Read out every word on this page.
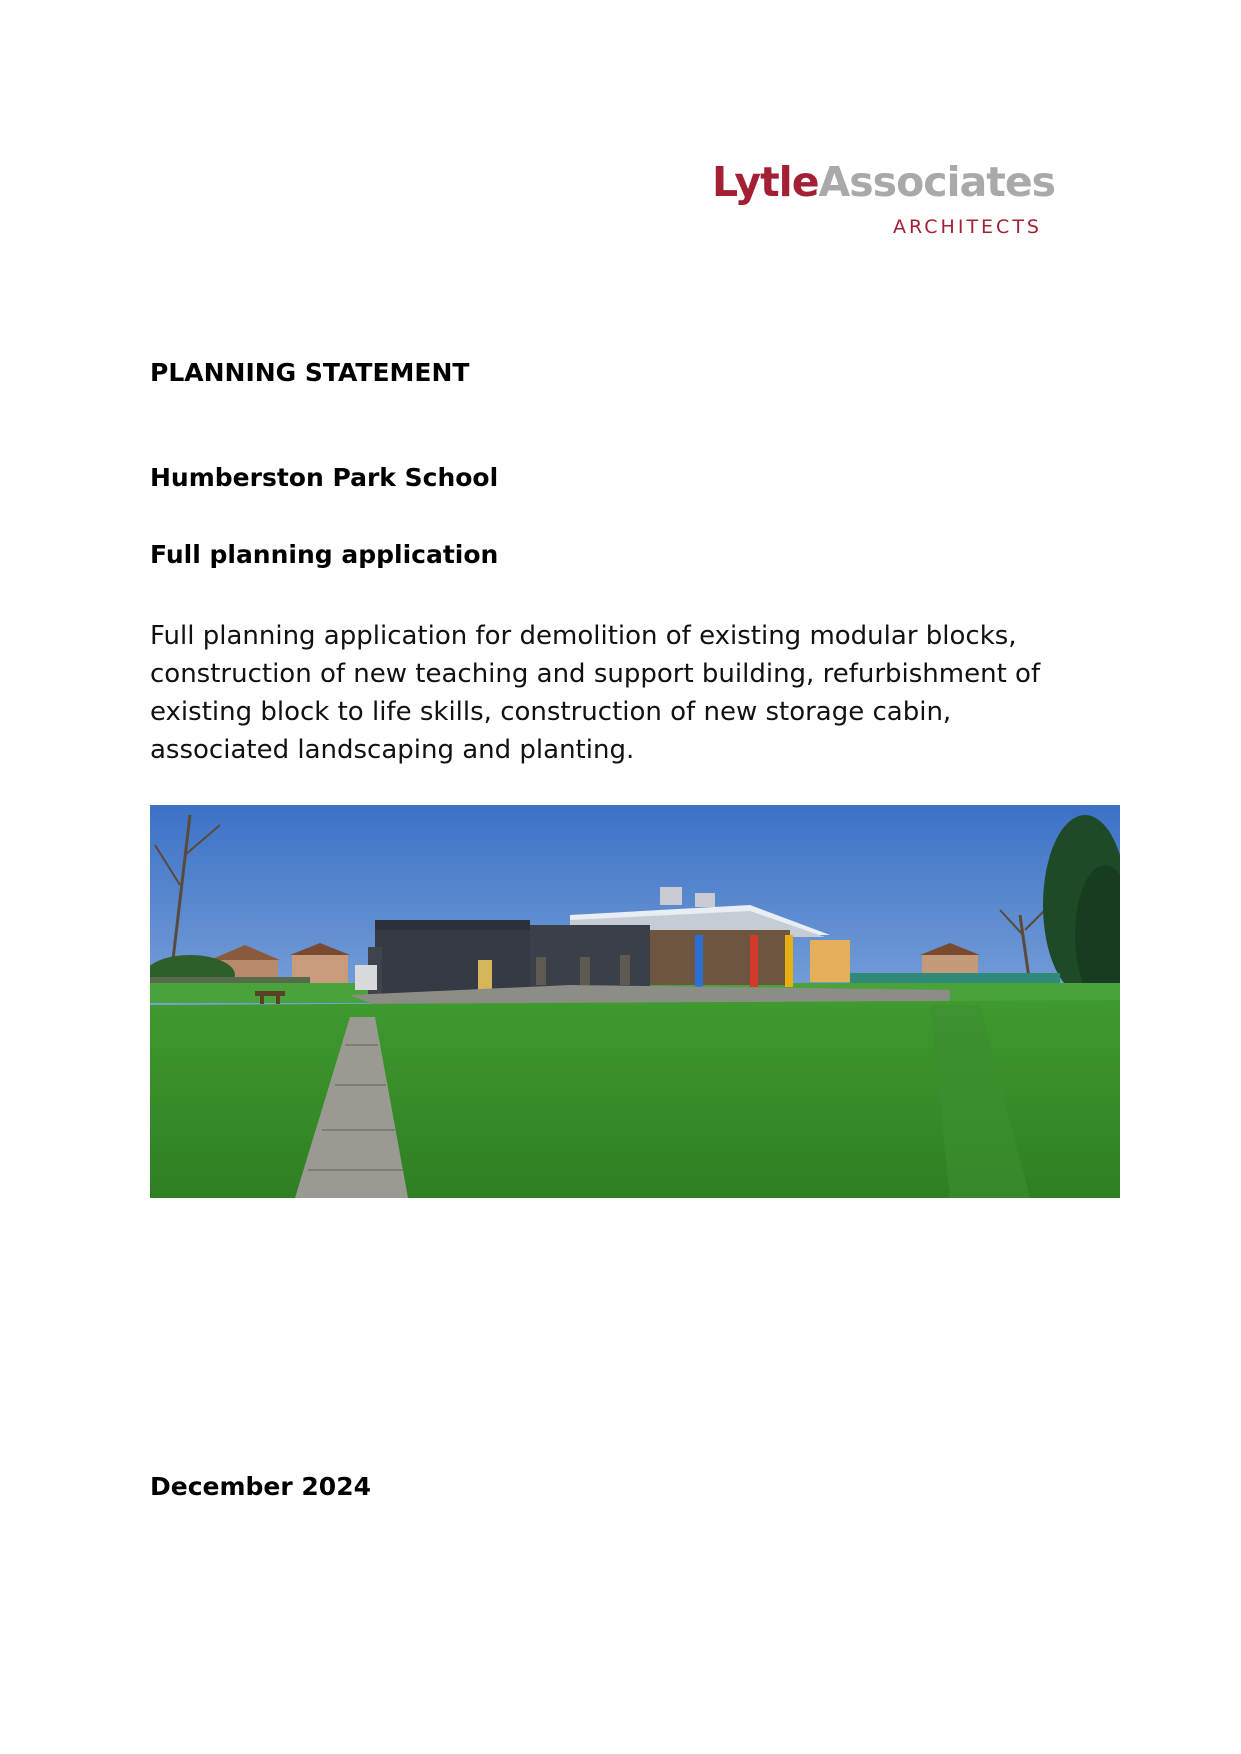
LytleAssociates
ARCHITECTS
PLANNING STATEMENT
Humberston Park School
Full planning application

Full planning application for demolition of existing modular blocks, construction of new teaching and support building, refurbishment of existing block to life skills, construction of new storage cabin, associated landscaping and planting.

December 2024
